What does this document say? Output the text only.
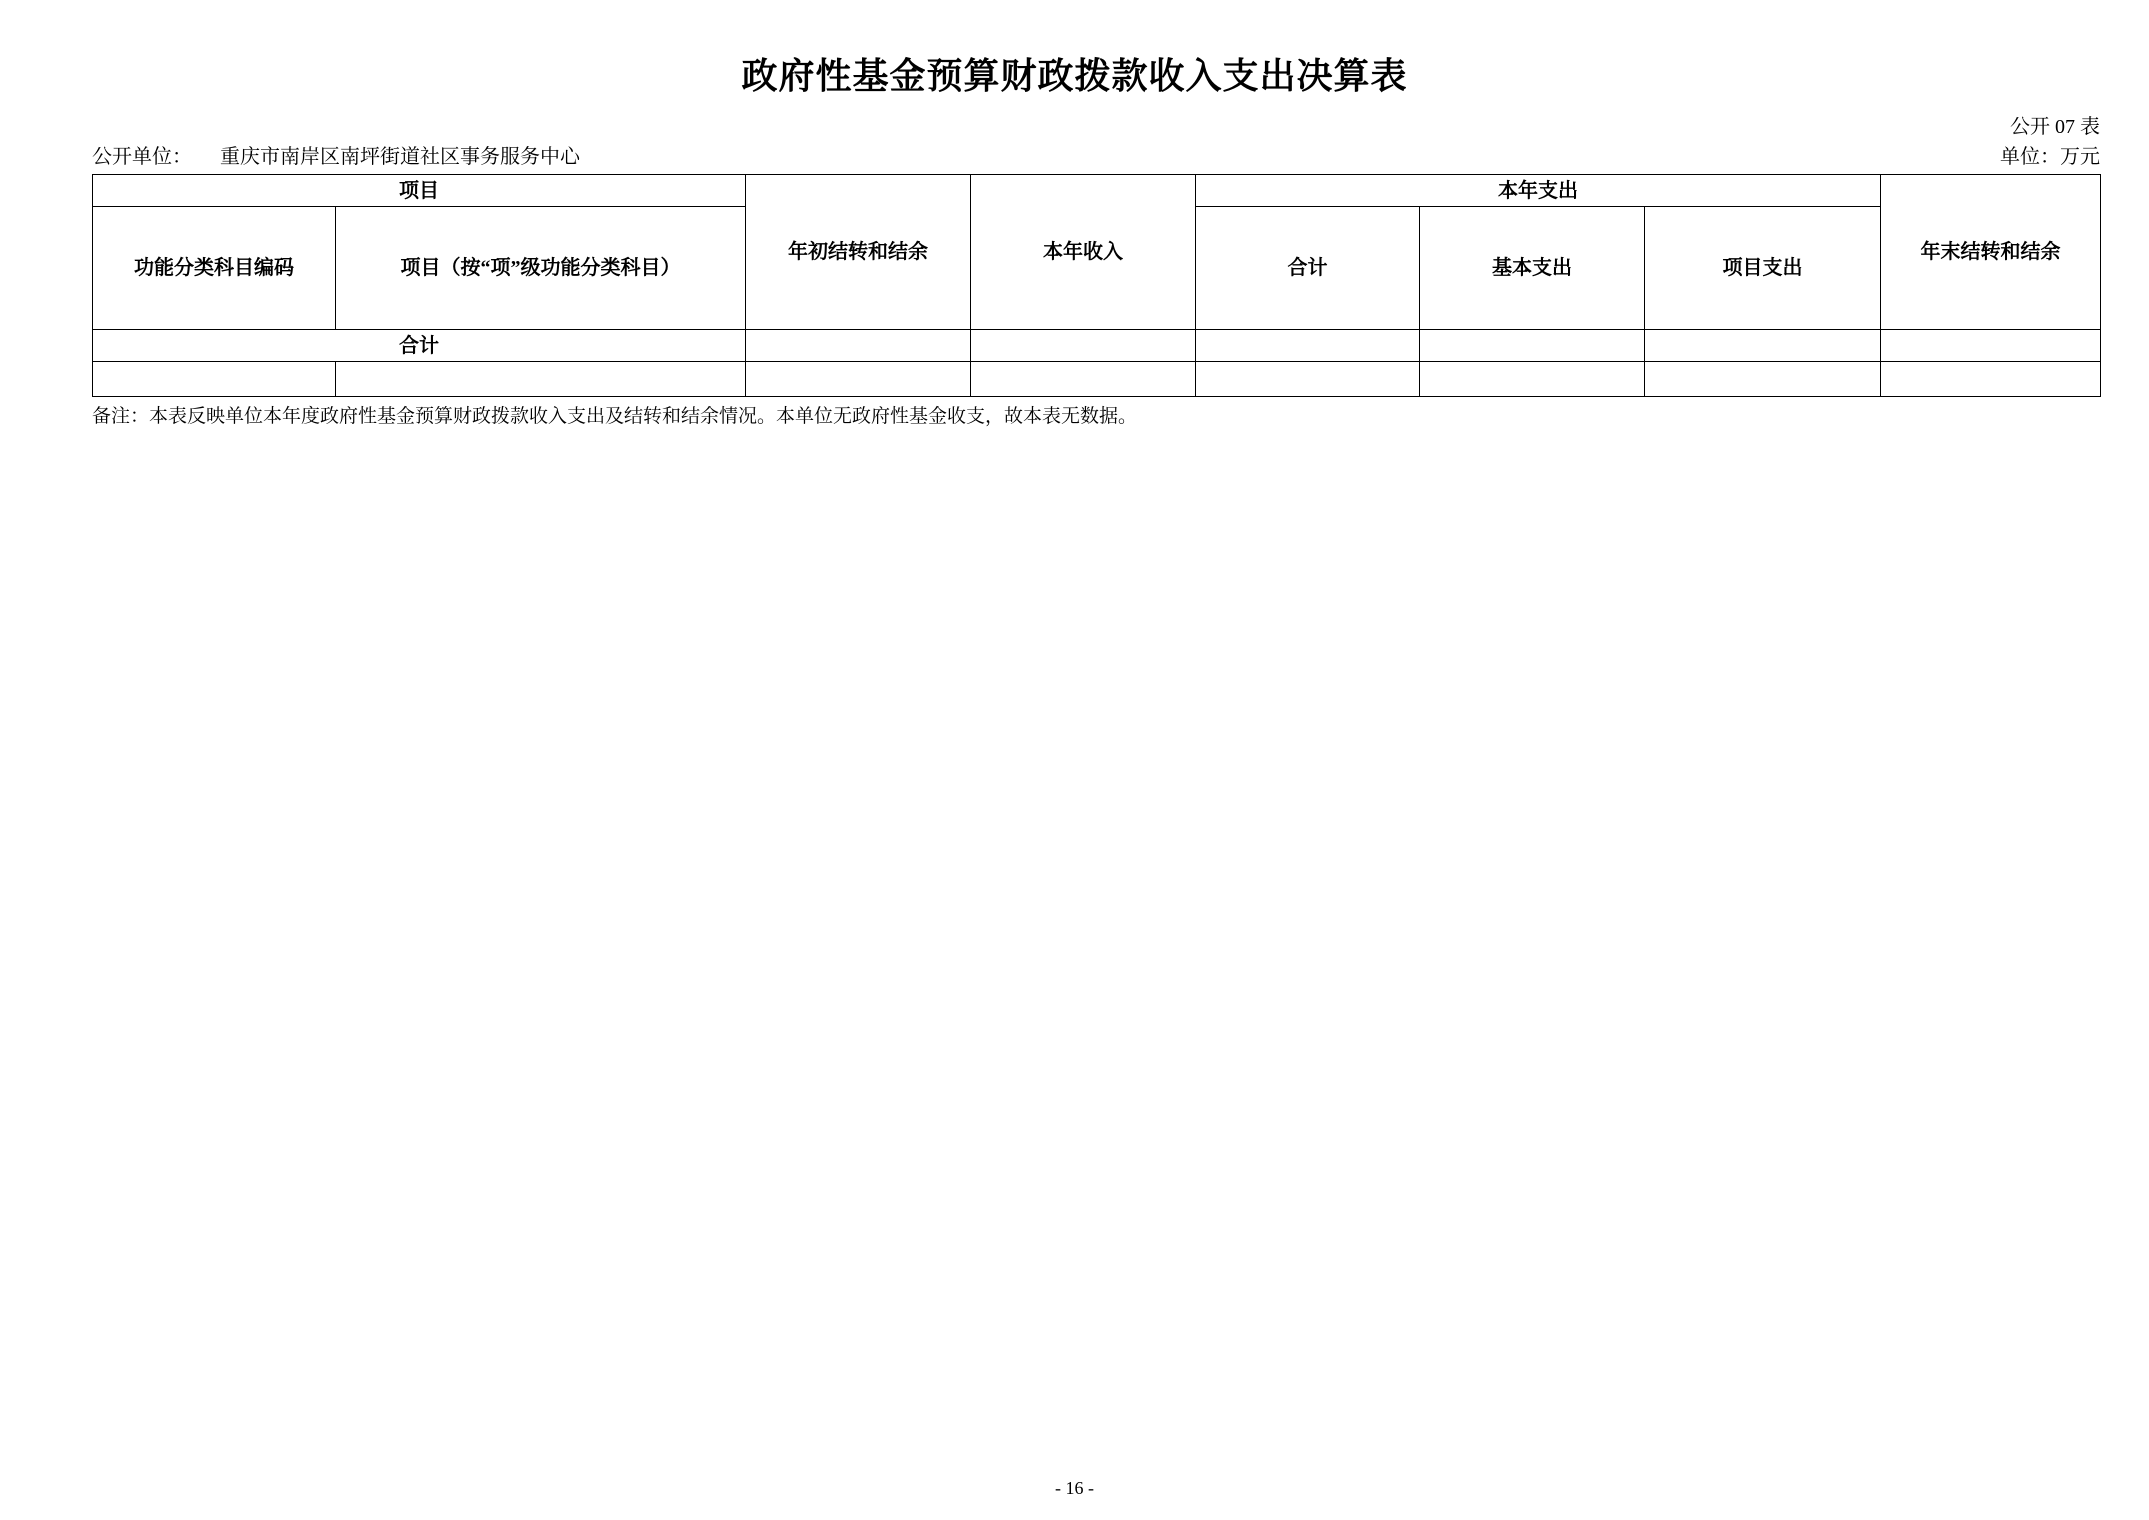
政府性基金预算财政拨款收入支出决算表
公开 07 表
公开单位： 重庆市南岸区南坪街道社区事务服务中心	单位：万元
项目		年初结转和结余	本年收入	本年支出			年末结转和结余
功能分类科目编码	项目（按“项”级功能分类科目）			合计	基本支出	项目支出	
合计							

备注：本表反映单位本年度政府性基金预算财政拨款收入支出及结转和结余情况。本单位无政府性基金收支，故本表无数据。
- 16 -
